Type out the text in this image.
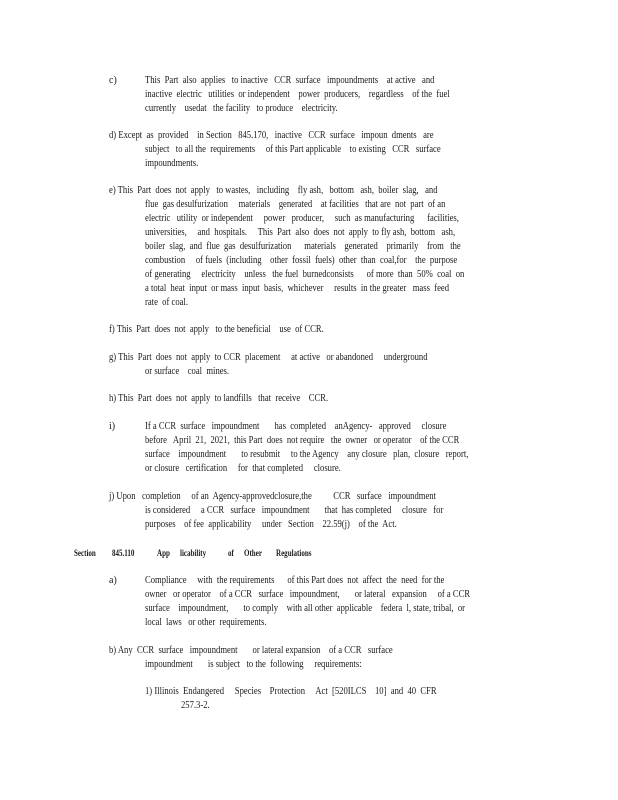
c)	This  Part  also  applies   to inactive   CCR  surface   impoundments    at active   and
inactive  electric   utilities  or independent    power  producers,    regardless    of the  fuel
currently    usedat   the facility   to produce    electricity.
d) Except  as  provided    in Section   845.170,   inactive   CCR  surface   impoun  dments   are
subject   to all the  requirements     of this Part applicable    to existing   CCR   surface
impoundments.
e) This  Part  does  not  apply   to wastes,   including    fly ash,   bottom   ash,  boiler  slag,   and
flue  gas desulfurization     materials    generated    at facilities   that are  not  part  of an
electric   utility  or independent     power   producer,     such  as manufacturing      facilities,
universities,     and  hospitals.     This  Part  also  does  not  apply  to fly ash,  bottom   ash,
boiler  slag,  and  flue  gas  desulfurization      materials    generated    primarily    from   the
combustion     of fuels  (including    other  fossil  fuels)  other  than  coal,for    the  purpose
of generating     electricity    unless   the fuel  burnedconsists      of more  than  50%  coal  on
a total  heat  input  or mass  input  basis,  whichever     results  in the greater   mass  feed
rate  of coal.
f) This  Part  does  not  apply   to the beneficial    use  of CCR.
g) This  Part  does  not  apply  to CCR  placement     at active   or abandoned     underground
or surface    coal  mines.
h) This  Part  does  not  apply  to landfills   that  receive    CCR.
i)	If a CCR  surface   impoundment       has  completed    anAgency-   approved     closure
before   April  21,  2021,  this Part  does  not require   the  owner   or operator    of the CCR
surface    impoundment       to resubmit     to the Agency    any closure   plan,  closure   report,
or closure   certification     for  that completed     closure.
j) Upon   completion     of an  Agency-approvedclosure,the          CCR   surface   impoundment
is considered     a CCR   surface   impoundment       that  has completed     closure   for
purposes    of fee  applicability     under   Section    22.59(j)    of the  Act.
Section 845.110	App licability of Other Regulations
a)	Compliance     with  the requirements      of this Part does  not  affect  the  need  for the
owner   or operator    of a CCR   surface   impoundment,       or lateral   expansion     of a CCR
surface    impoundment,       to comply    with all other  applicable    federa  l, state, tribal,  or
local  laws   or other  requirements.
b) Any  CCR  surface   impoundment       or lateral expansion    of a CCR   surface
impoundment       is subject   to the  following     requirements:
1) Illinois  Endangered     Species    Protection     Act  [520ILCS    10]  and  40  CFR
257.3-2.
